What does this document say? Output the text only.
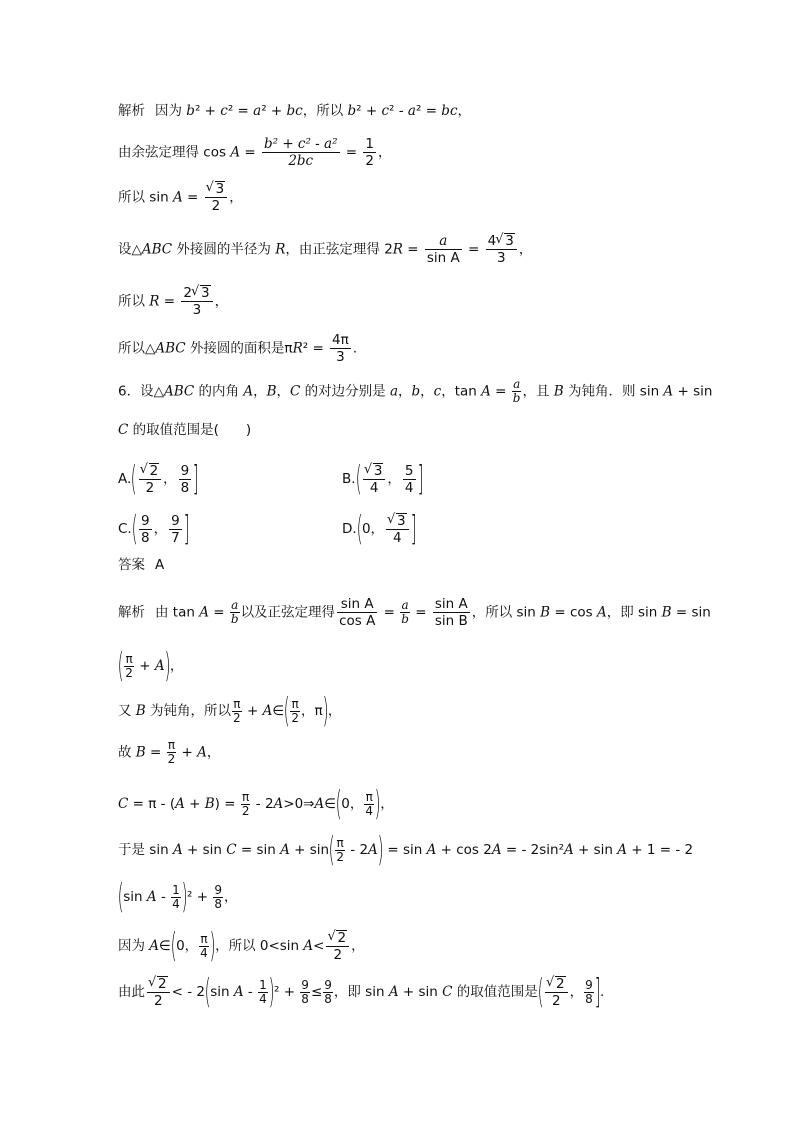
解析 因为 b² + c² = a² + bc，所以 b² + c² - a² = bc，
由余弦定理得 $\cos A = \frac{\text{b² + c² - a²}}{2bc} = \frac{1}{2}$ ，
所以 sin A = √ $\frac{3}{2}$ ，
设△ABC 外接圆的半径为 R，由正弦定理得 $2R = \frac{a}{\text{sin A}} = \frac{4 √ 3}{3}$ ，
所以 $R = \frac{2 √ 3}{3}$ ，
所以△ABC 外接圆的面积是$\pi R^2 = \frac{4\pi}{3}$ .
6．设△ABC 的内角 A，B，C 的对边分别是 a，b，c，$\tan A = \frac{a}{b}$ ，且 B 为钝角．则 sin A + sin
C 的取值范围是(　　)
A.( √ $\frac{2}{2}$ ， $\frac{9}{8}$ ]	B.( √ $\frac{3}{4}$ ， $\frac{5}{4}$ ]
$C.( \frac{9}{8}$ ， $\frac{9}{7}$ ]	D.(0， √ $\frac{3}{4}$ ]
答案 A
解析 由 $\tan A = \frac{a}{b}$ 以及正弦定理得 $\frac{\text{sin A}}{\text{cos A}} = \frac{a}{b} = \frac{\text{sin A}}{\text{sin B}}$ ，所以 sin B = cos A，即 sin B = sin
( $\frac{\pi}{2} + A$)，
又 B 为钝角，所以 $\frac{\pi}{2}$ + A∈( $\frac{\pi}{2}$ ，π)，
故 $B = \frac{\pi}{2} + A$，
$C = \pi - (A + B) = \frac{\pi}{2}$ - 2A>0⇒A∈(0， $\frac{\pi}{4}$ )，
于是 $\sin A + \sin C = \sin A + \sin( \frac{\pi}{2} - 2A) = \sin A + \cos 2A$ = - 2sin²A + sin A + 1 = - 2
(sin $A - \frac{1}{4} )^2 + \frac{9}{8}$ ，
因为 A∈(0， $\frac{\pi}{4}$ )，所以 0<sin A< √ $\frac{2}{2}$ ，
由此 √ $\frac{2}{2}$ < - 2(sin $A - \frac{1}{4} )^2 + \frac{9}{8} \le \frac{9}{8}$ ，即 sin A + sin C 的取值范围是( √ $\frac{2}{2}$ ， $\frac{9}{8}$ ].
